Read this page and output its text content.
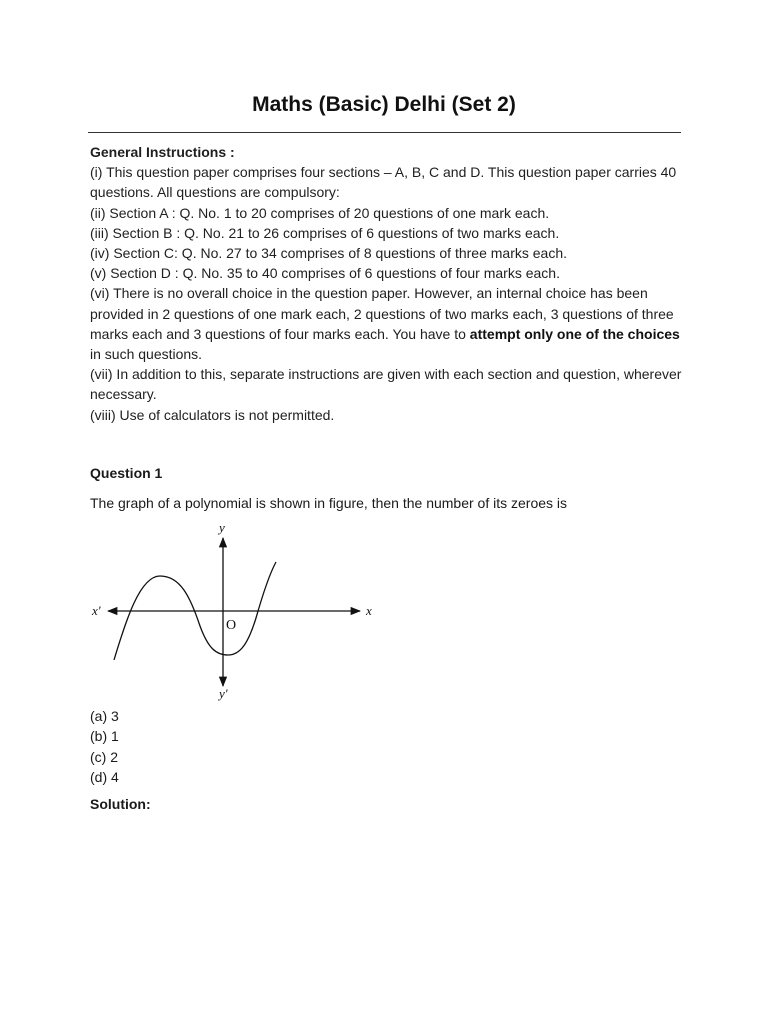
Maths (Basic) Delhi (Set 2)

General Instructions :

(i) This question paper comprises four sections – A, B, C and D. This question paper carries 40 questions. All questions are compulsory:

(ii) Section A : Q. No. 1 to 20 comprises of 20 questions of one mark each.

(iii) Section B : Q. No. 21 to 26 comprises of 6 questions of two marks each.

(iv) Section C: Q. No. 27 to 34 comprises of 8 questions of three marks each.

(v) Section D : Q. No. 35 to 40 comprises of 6 questions of four marks each.

(vi) There is no overall choice in the question paper. However, an internal choice has been provided in 2 questions of one mark each, 2 questions of two marks each, 3 questions of three marks each and 3 questions of four marks each. You have to attempt only one of the choices in such questions.

(vii) In addition to this, separate instructions are given with each section and question, wherever necessary.

(viii) Use of calculators is not permitted.

Question 1
The graph of a polynomial is shown in figure, then the number of its zeroes is
x
x'
y
y'
O
(a) 3
(b) 1
(c) 2
(d) 4
Solution:
